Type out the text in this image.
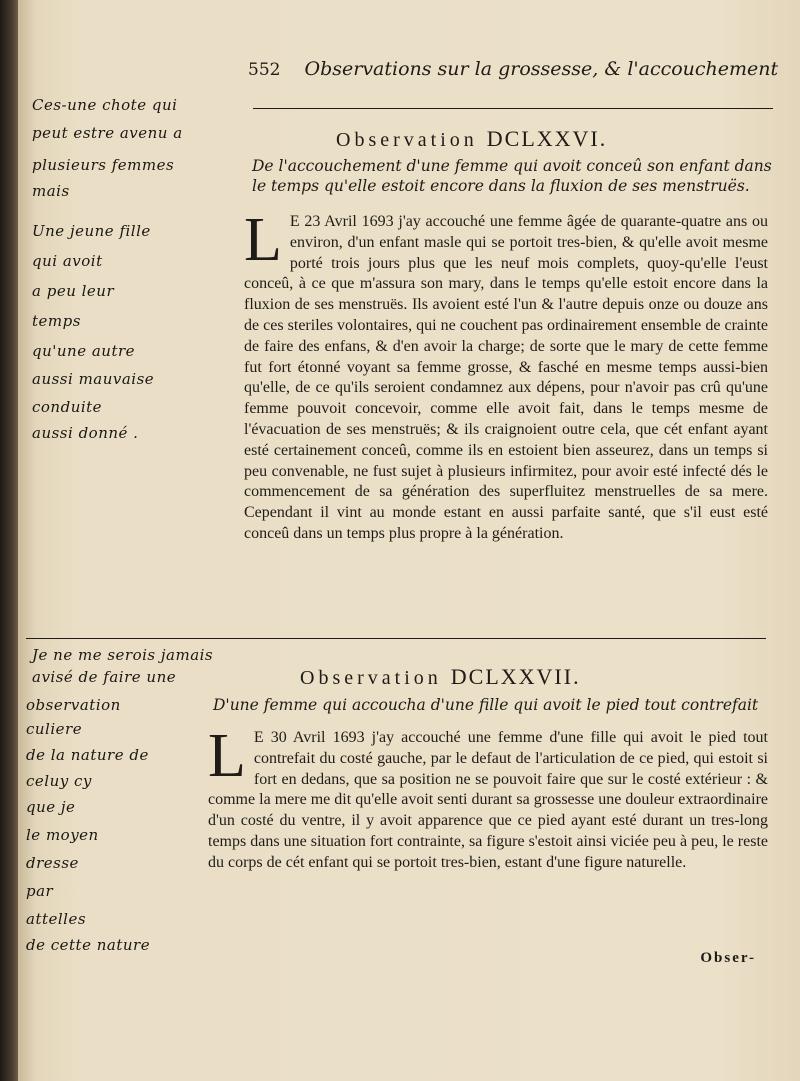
552 Observations sur la grossesse, & l'accouchement
Observation DCLXXVI.
De l'accouchement d'une femme qui avoit conceû son enfant dans le temps qu'elle estoit encore dans la fluxion de ses menstruës.
L E 23 Avril 1693 j'ay accouché une femme âgée de quarante-quatre ans ou environ, d'un enfant masle qui se portoit tres-bien, & qu'elle avoit mesme porté trois jours plus que les neuf mois complets, quoy-qu'elle l'eust conceû, à ce que m'assura son mary, dans le temps qu'elle estoit encore dans la fluxion de ses menstruës. Ils avoient esté l'un & l'autre depuis onze ou douze ans de ces steriles volontaires, qui ne couchent pas ordinairement ensemble de crainte de faire des enfans, & d'en avoir la charge; de sorte que le mary de cette femme fut fort étonné voyant sa femme grosse, & fasché en mesme temps aussi-bien qu'elle, de ce qu'ils seroient condamnez aux dépens, pour n'avoir pas crû qu'une femme pouvoit concevoir, comme elle avoit fait, dans le temps mesme de l'évacuation de ses menstruës; & ils craignoient outre cela, que cét enfant ayant esté certainement conceû, comme ils en estoient bien asseurez, dans un temps si peu convenable, ne fust sujet à plusieurs infirmitez, pour avoir esté infecté dés le commencement de sa génération des superfluitez menstruelles de sa mere. Cependant il vint au monde estant en aussi parfaite santé, que s'il eust esté conceû dans un temps plus propre à la génération.
Observation DCLXXVII.
D'une femme qui accoucha d'une fille qui avoit le pied tout contrefait
L E 30 Avril 1693 j'ay accouché une femme d'une fille qui avoit le pied tout contrefait du costé gauche, par le defaut de l'articulation de ce pied, qui estoit si fort en dedans, que sa position ne se pouvoit faire que sur le costé extérieur : & comme la mere me dit qu'elle avoit senti durant sa grossesse une douleur extraordinaire d'un costé du ventre, il y avoit apparence que ce pied ayant esté durant un tres-long temps dans une situation fort contrainte, sa figure s'estoit ainsi viciée peu à peu, le reste du corps de cét enfant qui se portoit tres-bien, estant d'une figure naturelle.
Obser-
Ces-une chote qui
peut estre avenu a
plusieurs femmes
mais
Une jeune fille
qui avoit
a peu leur
temps
qu'une autre
aussi mauvaise
conduite
aussi donné .
Je ne me serois jamais
avisé de faire une
observation
culiere
de la nature de
celuy cy
que je
le moyen
dresse
par
attelles
de cette nature
